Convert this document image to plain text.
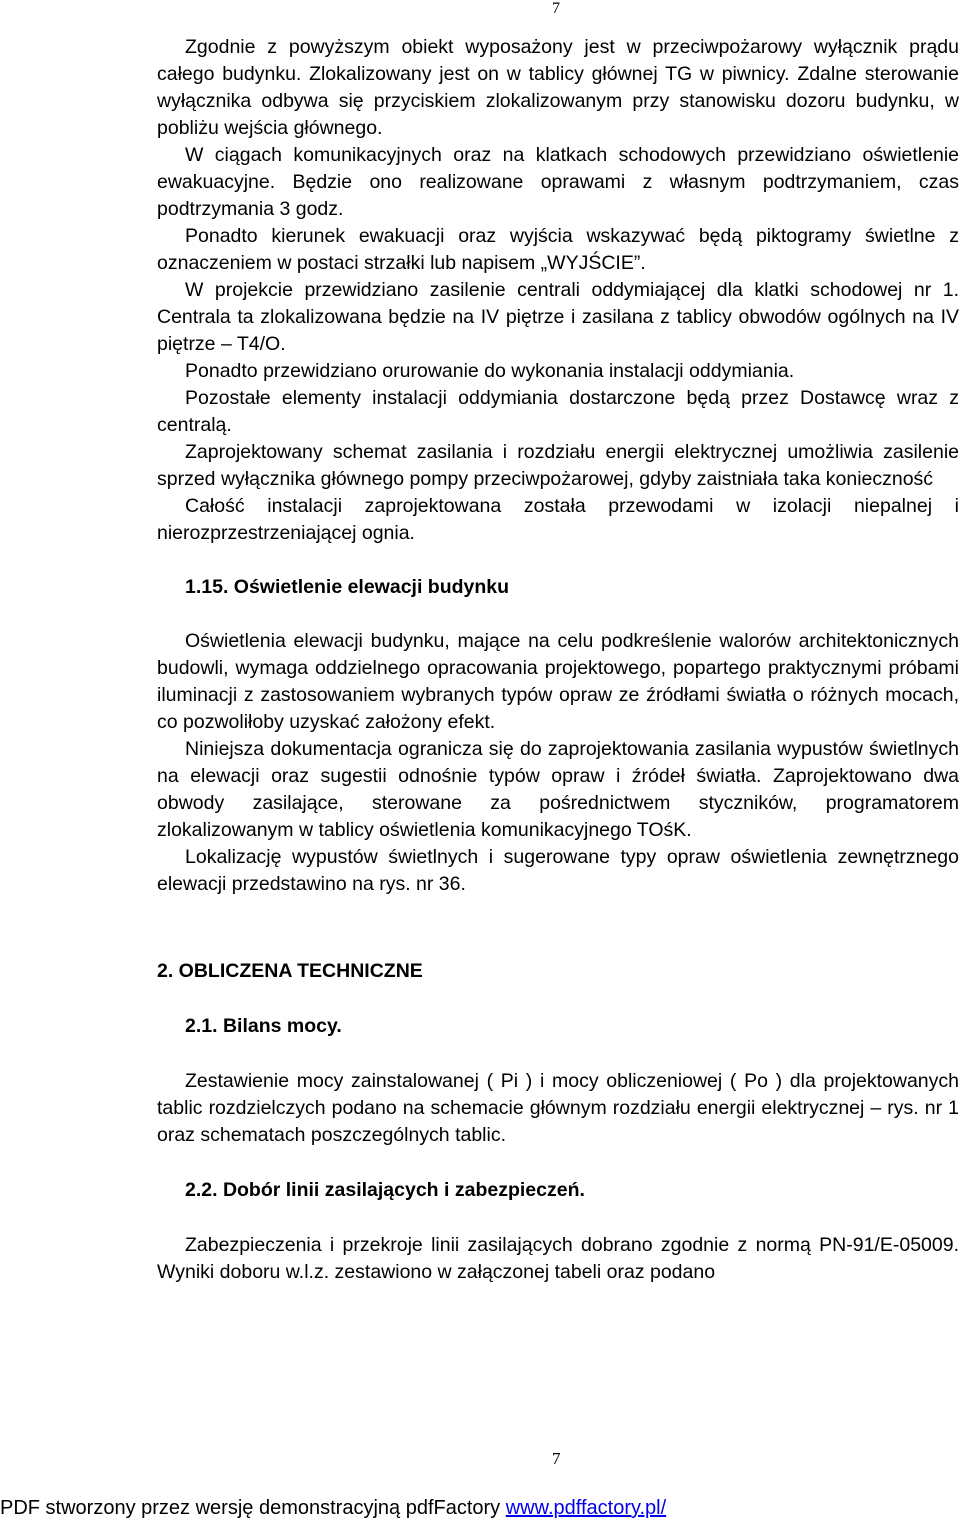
7

Zgodnie z powyższym obiekt wyposażony jest w przeciwpożarowy wyłącznik prądu całego budynku. Zlokalizowany jest on w tablicy głównej TG w piwnicy. Zdalne sterowanie wyłącznika odbywa się przyciskiem zlokalizowanym przy stanowisku dozoru budynku, w pobliżu wejścia głównego.

W ciągach komunikacyjnych oraz na klatkach schodowych przewidziano oświetlenie ewakuacyjne. Będzie ono realizowane oprawami z własnym podtrzymaniem, czas podtrzymania 3 godz.

Ponadto kierunek ewakuacji oraz wyjścia wskazywać będą piktogramy świetlne z oznaczeniem w postaci strzałki lub napisem „WYJŚCIE”.

W projekcie przewidziano zasilenie centrali oddymiającej dla klatki schodowej nr 1. Centrala ta zlokalizowana będzie na IV piętrze i zasilana z tablicy obwodów ogólnych na IV piętrze – T4/O.

Ponadto przewidziano orurowanie do wykonania instalacji oddymiania.

Pozostałe elementy instalacji oddymiania dostarczone będą przez Dostawcę wraz z centralą.

Zaprojektowany schemat zasilania i rozdziału energii elektrycznej umożliwia zasilenie sprzed wyłącznika głównego pompy przeciwpożarowej, gdyby zaistniała taka konieczność

Całość instalacji zaprojektowana została przewodami w izolacji niepalnej i nierozprzestrzeniającej ognia.

1.15. Oświetlenie elewacji budynku

Oświetlenia elewacji budynku, mające na celu podkreślenie walorów architektonicznych budowli, wymaga oddzielnego opracowania projektowego, popartego praktycznymi próbami iluminacji z zastosowaniem wybranych typów opraw ze źródłami światła o różnych mocach, co pozwoliłoby uzyskać założony efekt.

Niniejsza dokumentacja ogranicza się do zaprojektowania zasilania wypustów świetlnych na elewacji oraz sugestii odnośnie typów opraw i źródeł światła. Zaprojektowano dwa obwody zasilające, sterowane za pośrednictwem styczników, programatorem zlokalizowanym w tablicy oświetlenia komunikacyjnego TOśK.

Lokalizację wypustów świetlnych i sugerowane typy opraw oświetlenia zewnętrznego elewacji przedstawino na rys. nr 36.

2. OBLICZENA TECHNICZNE
2.1. Bilans mocy.

Zestawienie mocy zainstalowanej ( Pi ) i mocy obliczeniowej ( Po ) dla projektowanych tablic rozdzielczych podano na schemacie głównym rozdziału energii elektrycznej – rys. nr 1 oraz schematach poszczególnych tablic.

2.2. Dobór linii zasilających i zabezpieczeń.

Zabezpieczenia i przekroje linii zasilających dobrano zgodnie z normą PN-91/E-05009. Wyniki doboru w.l.z. zestawiono w załączonej tabeli oraz podano

7
PDF stworzony przez wersję demonstracyjną pdfFactory www.pdffactory.pl/
